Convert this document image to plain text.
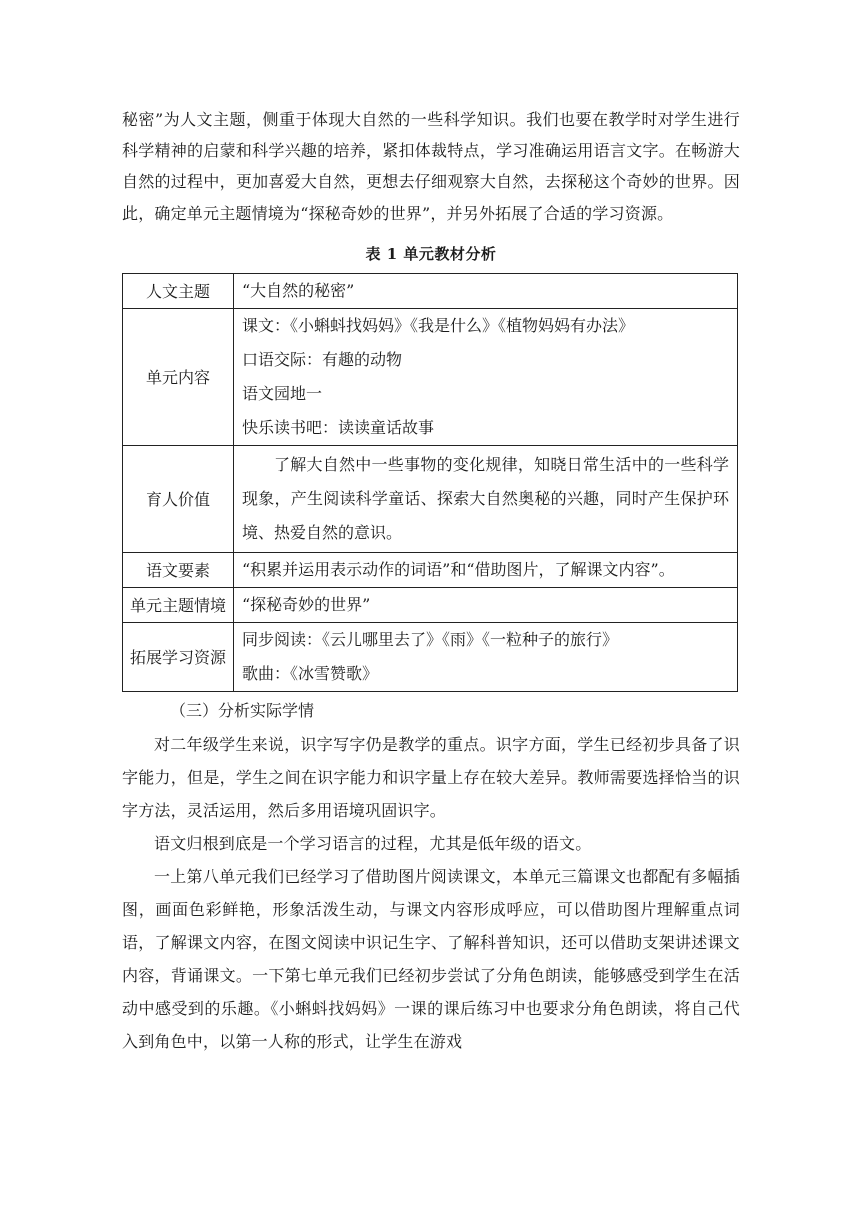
秘密”为人文主题，侧重于体现大自然的一些科学知识。我们也要在教学时对学生进行科学精神的启蒙和科学兴趣的培养，紧扣体裁特点，学习准确运用语言文字。在畅游大自然的过程中，更加喜爱大自然，更想去仔细观察大自然，去探秘这个奇妙的世界。因此，确定单元主题情境为“探秘奇妙的世界”，并另外拓展了合适的学习资源。

表 1 单元教材分析
人文主题	“大自然的秘密”

单元内容	课文：《小蝌蚪找妈妈》《我是什么》《植物妈妈有办法》
口语交际：有趣的动物
语文园地一
快乐读书吧：读读童话故事

育人价值	了解大自然中一些事物的变化规律，知晓日常生活中的一些科学现象，产生阅读科学童话、探索大自然奥秘的兴趣，同时产生保护环境、热爱自然的意识。

语文要素	“积累并运用表示动作的词语”和“借助图片，了解课文内容”。

单元主题情境	“探秘奇妙的世界”

拓展学习资源	同步阅读：《云儿哪里去了》《雨》《一粒种子的旅行》
歌曲：《冰雪赞歌》
（三）分析实际学情

对二年级学生来说，识字写字仍是教学的重点。识字方面，学生已经初步具备了识字能力，但是，学生之间在识字能力和识字量上存在较大差异。教师需要选择恰当的识字方法，灵活运用，然后多用语境巩固识字。

语文归根到底是一个学习语言的过程，尤其是低年级的语文。

一上第八单元我们已经学习了借助图片阅读课文，本单元三篇课文也都配有多幅插图，画面色彩鲜艳，形象活泼生动，与课文内容形成呼应，可以借助图片理解重点词语，了解课文内容，在图文阅读中识记生字、了解科普知识，还可以借助支架讲述课文内容，背诵课文。一下第七单元我们已经初步尝试了分角色朗读，能够感受到学生在活动中感受到的乐趣。《小蝌蚪找妈妈》一课的课后练习中也要求分角色朗读，将自己代入到角色中，以第一人称的形式，让学生在游戏
